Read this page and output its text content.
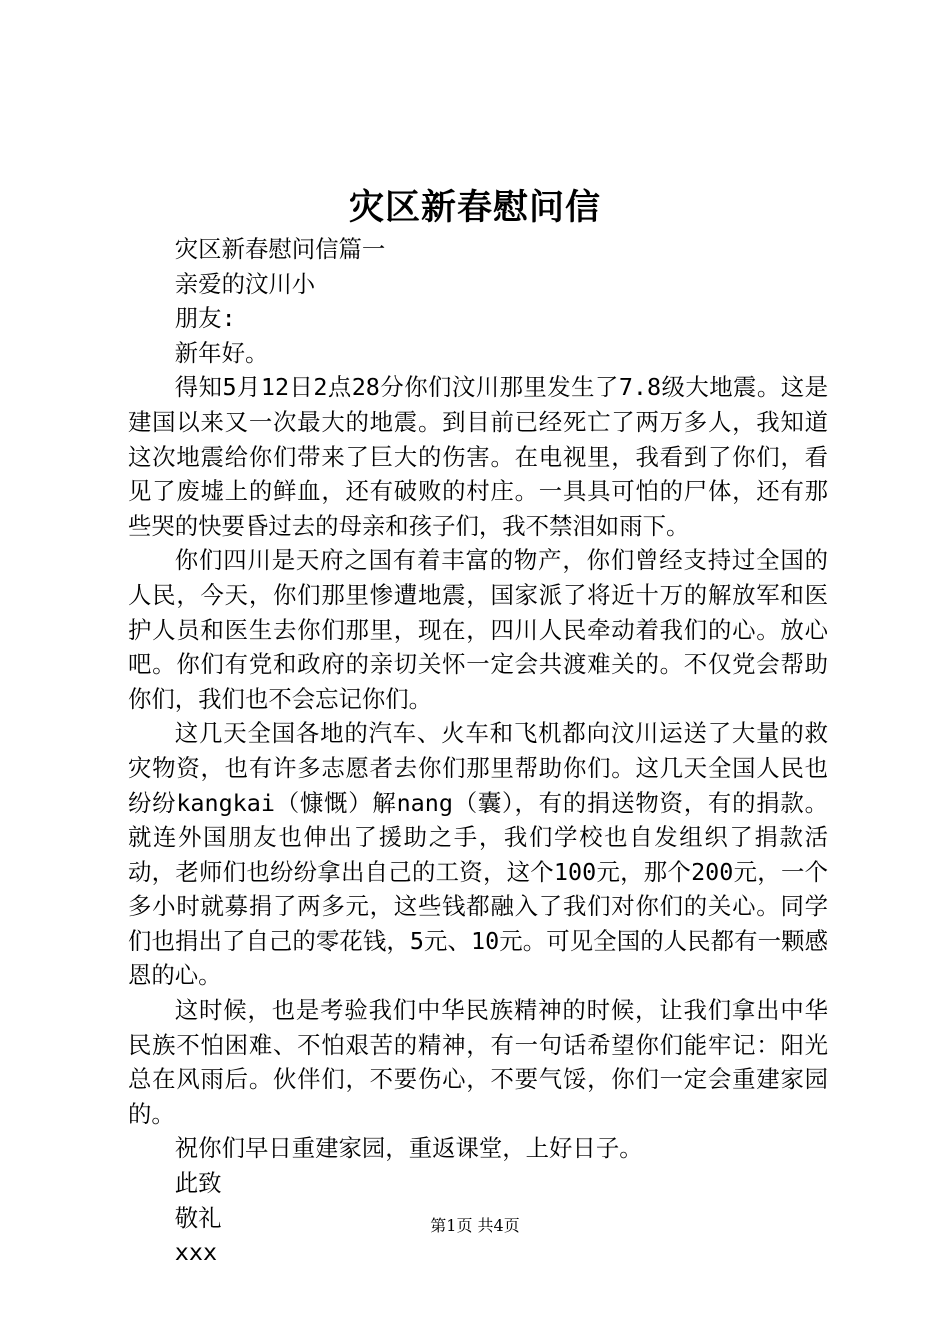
灾区新春慰问信
灾区新春慰问信篇一
亲爱的汶川小
朋友:
新年好。
得知5月12日2点28分你们汶川那里发生了7.8级大地震。这是建国以来又一次最大的地震。到目前已经死亡了两万多人，我知道这次地震给你们带来了巨大的伤害。在电视里，我看到了你们，看见了废墟上的鲜血，还有破败的村庄。一具具可怕的尸体，还有那些哭的快要昏过去的母亲和孩子们，我不禁泪如雨下。
你们四川是天府之国有着丰富的物产，你们曾经支持过全国的人民，今天，你们那里惨遭地震，国家派了将近十万的解放军和医护人员和医生去你们那里，现在，四川人民牵动着我们的心。放心吧。你们有党和政府的亲切关怀一定会共渡难关的。不仅党会帮助你们，我们也不会忘记你们。
这几天全国各地的汽车、火车和飞机都向汶川运送了大量的救灾物资，也有许多志愿者去你们那里帮助你们。这几天全国人民也纷纷kangkai（慷慨）解nang（囊），有的捐送物资，有的捐款。就连外国朋友也伸出了援助之手，我们学校也自发组织了捐款活动，老师们也纷纷拿出自己的工资，这个100元，那个200元，一个多小时就募捐了两多元，这些钱都融入了我们对你们的关心。同学们也捐出了自己的零花钱，5元、10元。可见全国的人民都有一颗感恩的心。
这时候，也是考验我们中华民族精神的时候，让我们拿出中华民族不怕困难、不怕艰苦的精神，有一句话希望你们能牢记：阳光总在风雨后。伙伴们，不要伤心，不要气馁，你们一定会重建家园的。
祝你们早日重建家园，重返课堂，上好日子。
此致
敬礼
xxx
第1页 共4页
